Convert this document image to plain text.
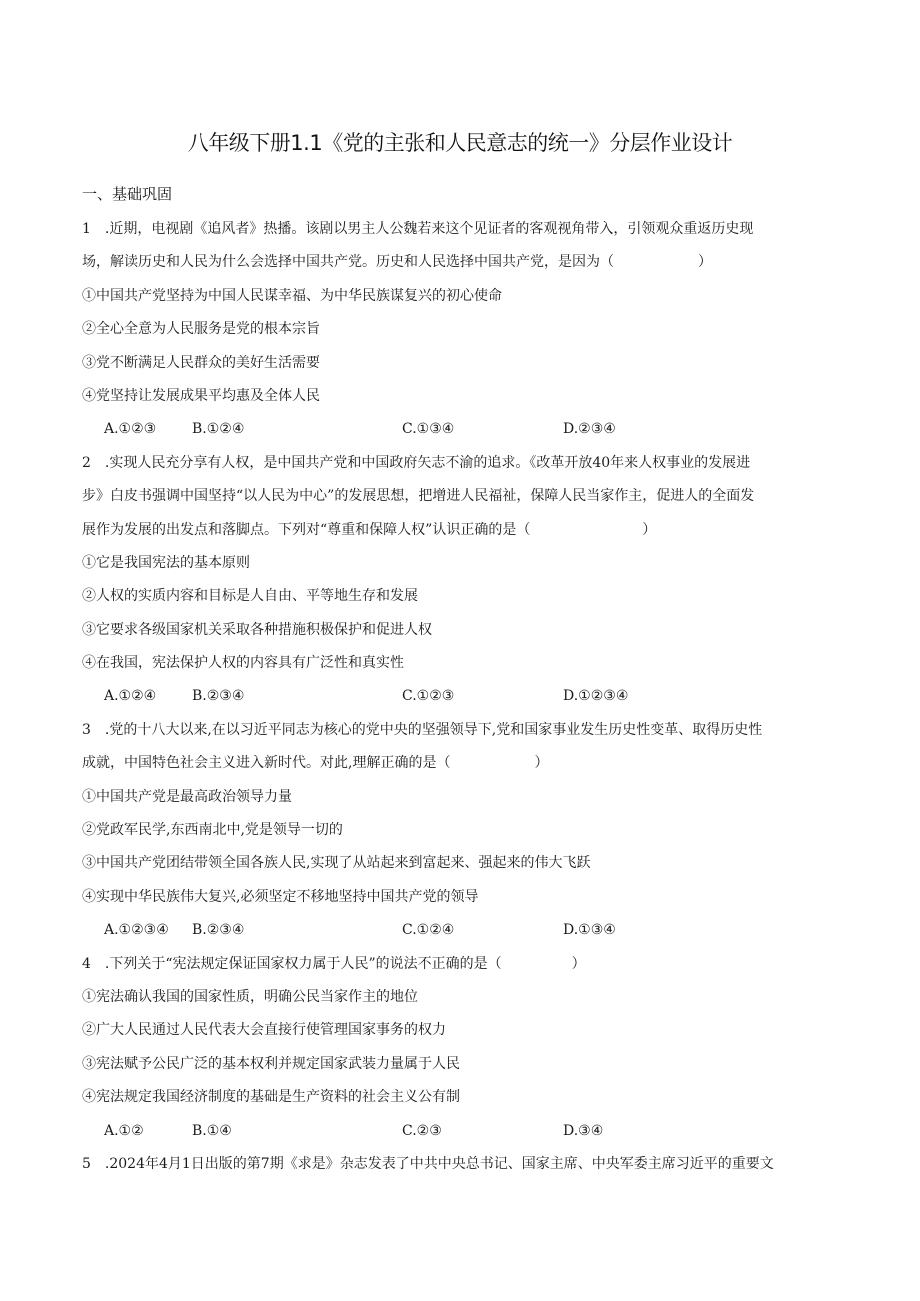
八年级下册1.1《党的主张和人民意志的统一》分层作业设计
一、基础巩固
1　.近期，电视剧《追风者》热播。该剧以男主人公魏若来这个见证者的客观视角带入，引领观众重返历史现
场，解读历史和人民为什么会选择中国共产党。历史和人民选择中国共产党，是因为（　　　　　　）
①中国共产党坚持为中国人民谋幸福、为中华民族谋复兴的初心使命
②全心全意为人民服务是党的根本宗旨
③党不断满足人民群众的美好生活需要
④党坚持让发展成果平均惠及全体人民
A.①②③	B.①②④	C.①③④	D.②③④
2　.实现人民充分享有人权，是中国共产党和中国政府矢志不渝的追求。《改革开放40年来人权事业的发展进
步》白皮书强调中国坚持“以人民为中心”的发展思想，把增进人民福祉，保障人民当家作主，促进人的全面发
展作为发展的出发点和落脚点。下列对“尊重和保障人权”认识正确的是（　　　　　　　　）
①它是我国宪法的基本原则
②人权的实质内容和目标是人自由、平等地生存和发展
③它要求各级国家机关采取各种措施积极保护和促进人权
④在我国，宪法保护人权的内容具有广泛性和真实性
A.①②④	B.②③④	C.①②③	D.①②③④
3　.党的十八大以来,在以习近平同志为核心的党中央的坚强领导下,党和国家事业发生历史性变革、取得历史性
成就，中国特色社会主义进入新时代。对此,理解正确的是（　　　　　　）
①中国共产党是最高政治领导力量
②党政军民学,东西南北中,党是领导一切的
③中国共产党团结带领全国各族人民,实现了从站起来到富起来、强起来的伟大飞跃
④实现中华民族伟大复兴,必须坚定不移地坚持中国共产党的领导
A.①②③④ B.②③④	C.①②④	D.①③④
4　.下列关于“宪法规定保证国家权力属于人民”的说法不正确的是（　　　　　）
①宪法确认我国的国家性质，明确公民当家作主的地位
②广大人民通过人民代表大会直接行使管理国家事务的权力
③宪法赋予公民广泛的基本权利并规定国家武装力量属于人民
④宪法规定我国经济制度的基础是生产资料的社会主义公有制
A.①②	B.①④	C.②③	D.③④
5　.2024年4月1日出版的第7期《求是》杂志发表了中共中央总书记、国家主席、中央军委主席习近平的重要文
